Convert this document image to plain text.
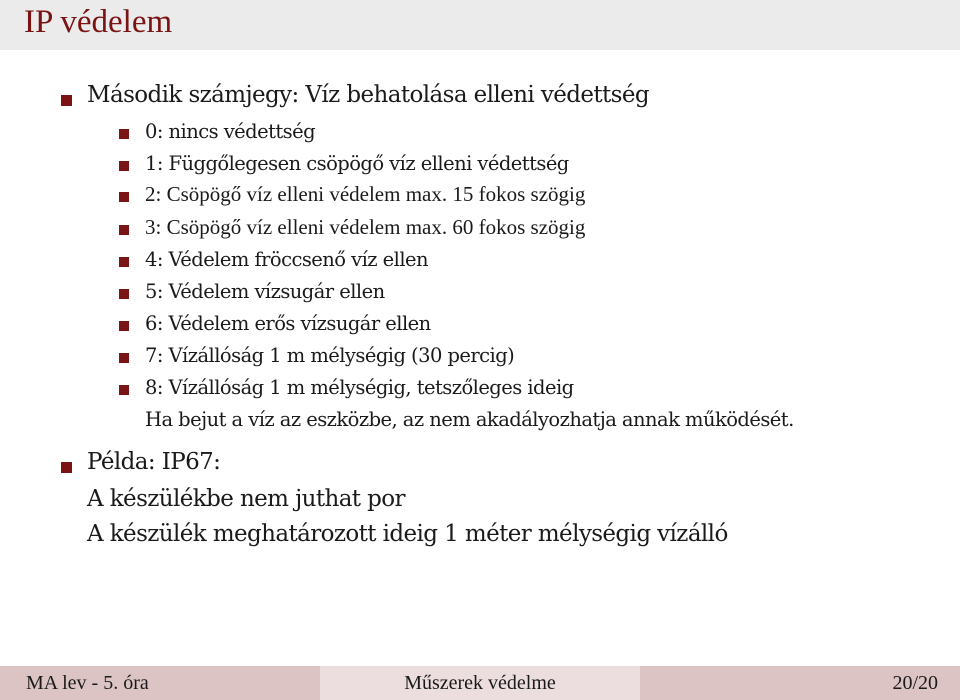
IP védelem
Második számjegy: Víz behatolása elleni védettség
0: nincs védettség
1: Függőlegesen csöpögő víz elleni védettség
2: Csöpögő víz elleni védelem max. 15 fokos szögig
3: Csöpögő víz elleni védelem max. 60 fokos szögig
4: Védelem fröccsenő víz ellen
5: Védelem vízsugár ellen
6: Védelem erős vízsugár ellen
7: Vízállóság 1 m mélységig (30 percig)
8: Vízállóság 1 m mélységig, tetszőleges ideig
Ha bejut a víz az eszközbe, az nem akadályozhatja annak működését.
Példa: IP67:
A készülékbe nem juthat por
A készülék meghatározott ideig 1 méter mélységig vízálló
MA lev - 5. óra	Műszerek védelme	20/20
